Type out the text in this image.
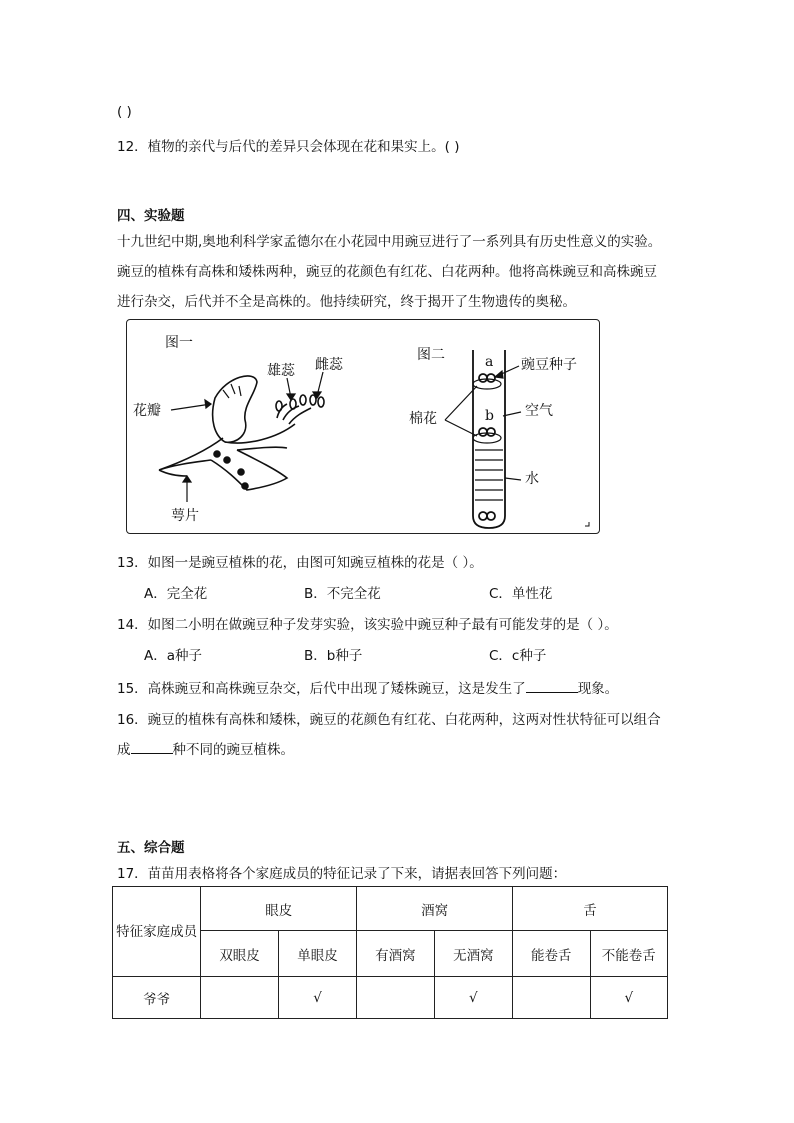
( )
12．植物的亲代与后代的差异只会体现在花和果实上。( )
四、实验题
十九世纪中期,奥地利科学家孟德尔在小花园中用豌豆进行了一系列具有历史性意义的实验。
豌豆的植株有高株和矮株两种，豌豆的花颜色有红花、白花两种。他将高株豌豆和高株豌豆
进行杂交，后代并不全是高株的。他持续研究，终于揭开了生物遗传的奥秘。
图一
雄蕊 雌蕊
花瓣
萼片
图二	a
b
豌豆种子
棉花	空气
水
13．如图一是豌豆植株的花，由图可知豌豆植株的花是（ ）。
A．完全花	B．不完全花	C．单性花
14．如图二小明在做豌豆种子发芽实验，该实验中豌豆种子最有可能发芽的是（ ）。
A．a种子	B．b种子	C．c种子
15．高株豌豆和高株豌豆杂交，后代中出现了矮株豌豆，这是发生了	现象。
16．豌豆的植株有高株和矮株，豌豆的花颜色有红花、白花两种，这两对性状特征可以组合
成	种不同的豌豆植株。
五、综合题
17．苗苗用表格将各个家庭成员的特征记录了下来，请据表回答下列问题：
特征家庭成员	眼皮		酒窝		舌	
	双眼皮	单眼皮	有酒窝	无酒窝	能卷舌	不能卷舌
爷爷		√		√		√
